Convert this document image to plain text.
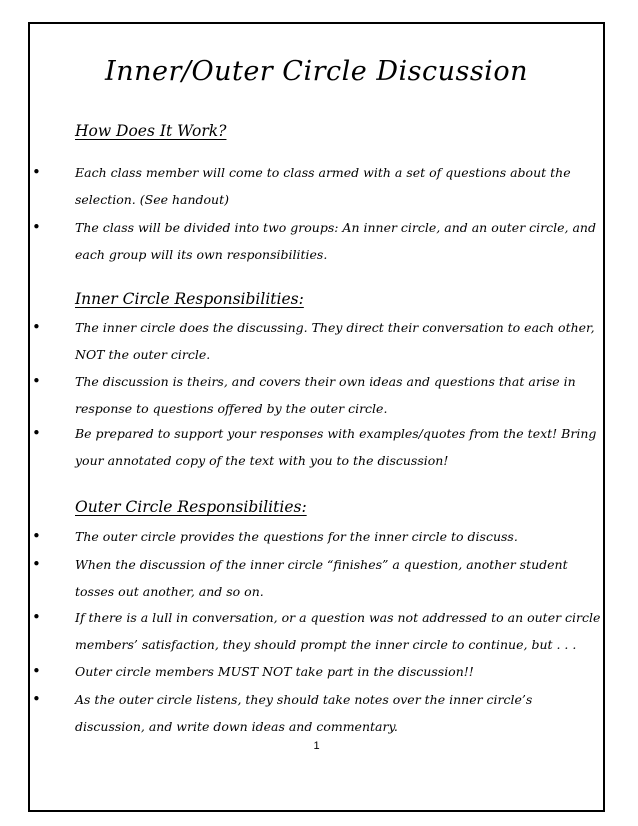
Inner/Outer Circle Discussion
How Does It Work?
•	Each class member will come to class armed with a set of questions about the selection. (See handout)
•	The class will be divided into two groups: An inner circle, and an outer circle, and each group will its own responsibilities.
Inner Circle Responsibilities:
•	The inner circle does the discussing. They direct their conversation to each other, NOT the outer circle.
•	The discussion is theirs, and covers their own ideas and questions that arise in response to questions offered by the outer circle.
•	Be prepared to support your responses with examples/quotes from the text! Bring your annotated copy of the text with you to the discussion!
Outer Circle Responsibilities:
•	The outer circle provides the questions for the inner circle to discuss.
•	When the discussion of the inner circle “finishes” a question, another student tosses out another, and so on.
•	If there is a lull in conversation, or a question was not addressed to an outer circle members’ satisfaction, they should prompt the inner circle to continue, but . . .
•	Outer circle members MUST NOT take part in the discussion!!
•	As the outer circle listens, they should take notes over the inner circle’s discussion, and write down ideas and commentary.
1
